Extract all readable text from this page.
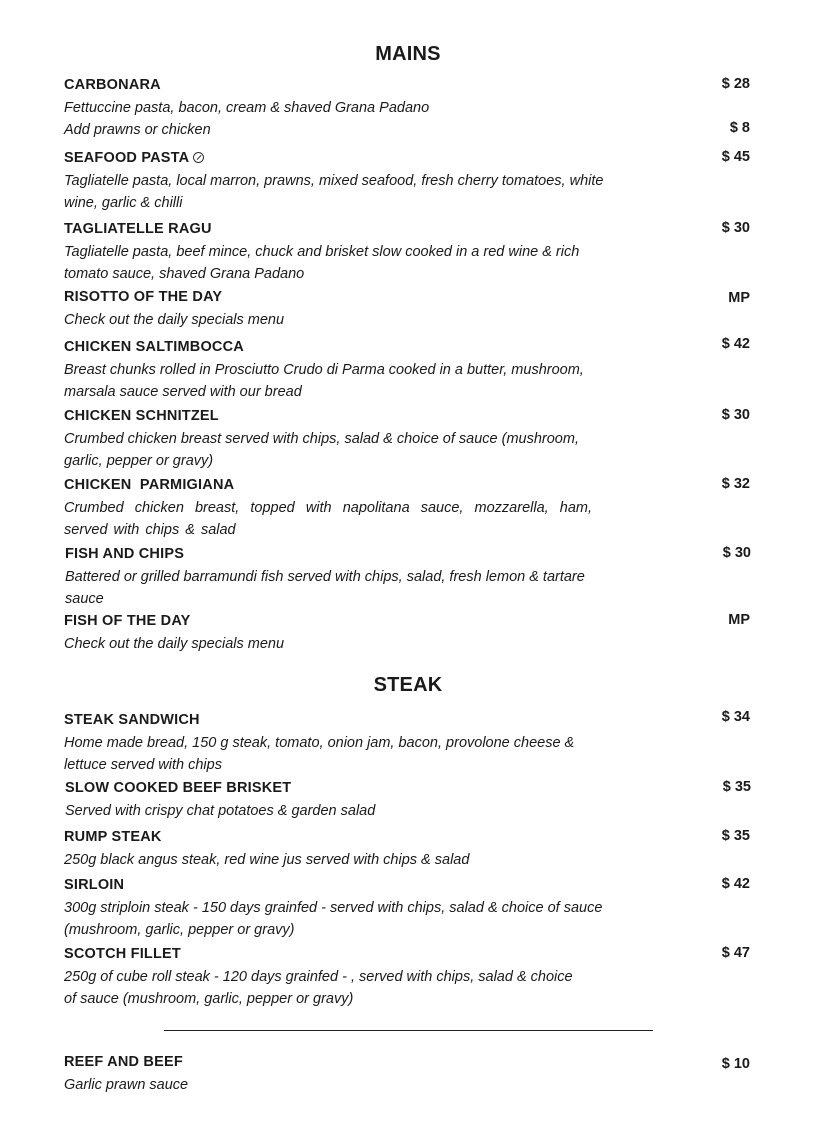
MAINS
CARBONARA	$ 28
Fettuccine pasta, bacon, cream & shaved Grana Padano
Add prawns or chicken	$ 8
SEAFOOD PASTA	$ 45
Tagliatelle pasta, local marron, prawns, mixed seafood, fresh cherry tomatoes, white wine, garlic & chilli
TAGLIATELLE RAGU	$ 30
Tagliatelle pasta, beef mince, chuck and brisket slow cooked in a red wine & rich tomato sauce, shaved Grana Padano
RISOTTO OF THE DAY	MP
Check out the daily specials menu
CHICKEN SALTIMBOCCA	$ 42
Breast chunks rolled in Prosciutto Crudo di Parma cooked in a butter, mushroom, marsala sauce served with our bread
CHICKEN SCHNITZEL	$ 30
Crumbed chicken breast served with chips, salad & choice of sauce (mushroom, garlic, pepper or gravy)
CHICKEN  PARMIGIANA	$ 32
Crumbed chicken breast, topped with napolitana sauce, mozzarella, ham, served with chips & salad
FISH AND CHIPS	$ 30
Battered or grilled barramundi fish served with chips, salad, fresh lemon & tartare sauce
FISH OF THE DAY	MP
Check out the daily specials menu
STEAK
STEAK SANDWICH	$ 34
Home made bread, 150 g steak, tomato, onion jam, bacon, provolone cheese & lettuce served with chips
SLOW COOKED BEEF BRISKET	$ 35
Served with crispy chat potatoes & garden salad
RUMP STEAK	$ 35
250g black angus steak, red wine jus served with chips & salad
SIRLOIN	$ 42
300g striploin steak - 150 days grainfed - served with chips, salad & choice of sauce (mushroom, garlic, pepper or gravy)
SCOTCH FILLET	$ 47
250g of cube roll steak - 120 days grainfed - , served with chips, salad & choice of sauce (mushroom, garlic, pepper or gravy)
REEF AND BEEF	$ 10
Garlic prawn sauce
